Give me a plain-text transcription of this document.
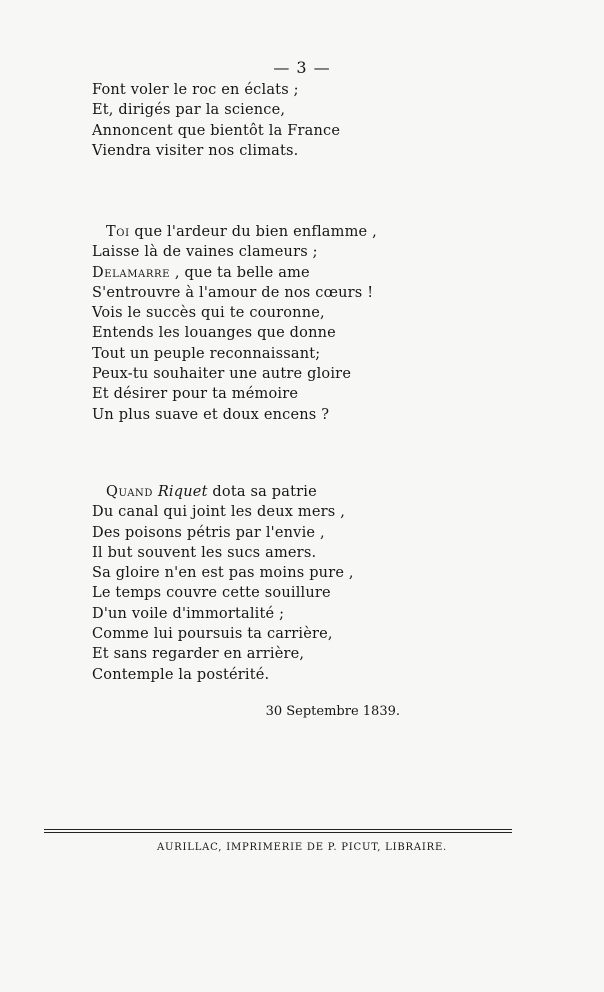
— 3 —
Font voler le roc en éclats ;
Et, dirigés par la science,
Annoncent que bientôt la France
Viendra visiter nos climats.
Toi que l'ardeur du bien enflamme ,
Laisse là de vaines clameurs ;
Delamarre , que ta belle ame
S'entrouvre à l'amour de nos cœurs !
Vois le succès qui te couronne,
Entends les louanges que donne
Tout un peuple reconnaissant;
Peux-tu souhaiter une autre gloire
Et désirer pour ta mémoire
Un plus suave et doux encens ?
Quand Riquet dota sa patrie
Du canal qui joint les deux mers ,
Des poisons pétris par l'envie ,
Il but souvent les sucs amers.
Sa gloire n'en est pas moins pure ,
Le temps couvre cette souillure
D'un voile d'immortalité ;
Comme lui poursuis ta carrière,
Et sans regarder en arrière,
Contemple la postérité.
30 Septembre 1839.
AURILLAC, IMPRIMERIE DE P. PICUT, LIBRAIRE.
